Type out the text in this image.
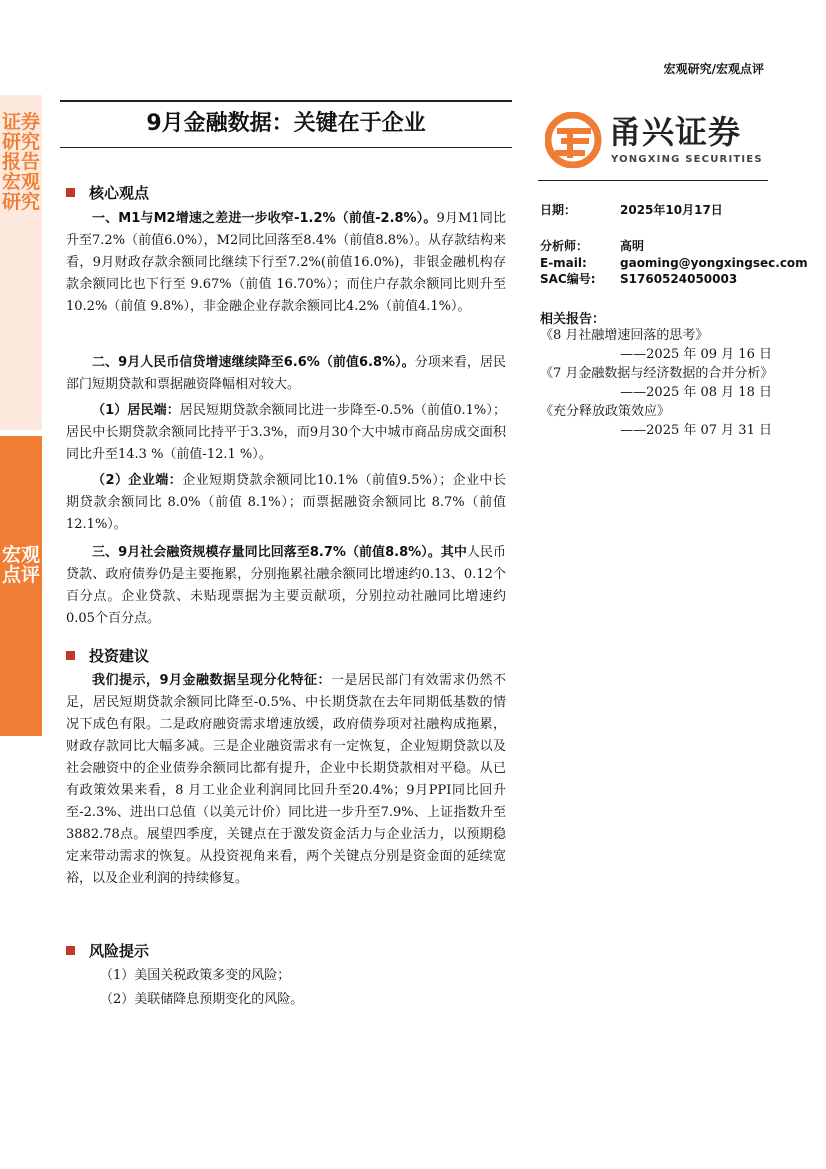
证券研究报告 宏观研究
宏观点评
宏观研究/宏观点评
9月金融数据：关键在于企业	甬兴证券
YONGXING SECURITIES
日期：	2025年10月17日
分析师：	高明
E-mail:	gaoming@yongxingsec.com
SAC编号: S1760524050003
相关报告：
《8 月社融增速回落的思考》
——2025 年 09 月 16 日
《7 月金融数据与经济数据的合并分析》
——2025 年 08 月 18 日
《充分释放政策效应》
——2025 年 07 月 31 日
核心观点
一、M1与M2增速之差进一步收窄-1.2%（前值-2.8%）。9月M1同比升至7.2%（前值6.0%），M2同比回落至8.4%（前值8.8%）。从存款结构来看，9月财政存款余额同比继续下行至7.2%(前值16.0%)，非银金融机构存款余额同比也下行至 9.67%（前值 16.70%）；而住户存款余额同比则升至 10.2%（前值 9.8%），非金融企业存款余额同比4.2%（前值4.1%）。
二、9月人民币信贷增速继续降至6.6%（前值6.8%）。分项来看，居民部门短期贷款和票据融资降幅相对较大。
（1）居民端：居民短期贷款余额同比进一步降至-0.5%（前值0.1%）；居民中长期贷款余额同比持平于3.3%，而9月30个大中城市商品房成交面积同比升至14.3 %（前值-12.1 %）。
（2）企业端：企业短期贷款余额同比10.1%（前值9.5%）；企业中长期贷款余额同比 8.0%（前值 8.1%）；而票据融资余额同比 8.7%（前值12.1%）。
三、9月社会融资规模存量同比回落至8.7%（前值8.8%）。其中人民币贷款、政府债券仍是主要拖累，分别拖累社融余额同比增速约0.13、0.12个百分点。企业贷款、未贴现票据为主要贡献项，分别拉动社融同比增速约0.05个百分点。
投资建议
我们提示，9月金融数据呈现分化特征：一是居民部门有效需求仍然不足，居民短期贷款余额同比降至-0.5%、中长期贷款在去年同期低基数的情况下成色有限。二是政府融资需求增速放缓，政府债券项对社融构成拖累，财政存款同比大幅多减。三是企业融资需求有一定恢复，企业短期贷款以及社会融资中的企业债券余额同比都有提升，企业中长期贷款相对平稳。从已有政策效果来看，8 月工业企业利润同比回升至20.4%；9月PPI同比回升至-2.3%、进出口总值（以美元计价）同比进一步升至7.9%、上证指数升至3882.78点。展望四季度，关键点在于激发资金活力与企业活力，以预期稳定来带动需求的恢复。从投资视角来看，两个关键点分别是资金面的延续宽裕，以及企业利润的持续修复。
风险提示
（1）美国关税政策多变的风险；
（2）美联储降息预期变化的风险。
